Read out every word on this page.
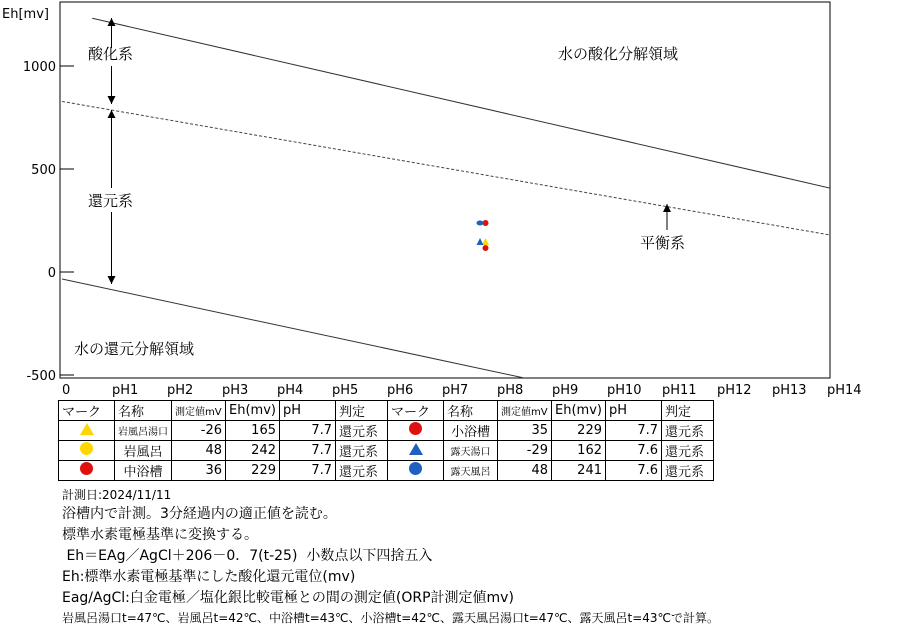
1000
500
0
-500
0	pH1 pH2 pH3 pH4 pH5 pH6 pH7 pH8 pH9 pH10 pH11 pH12 pH13 pH14
Eh[mv]
酸化系
還元系
水の酸化分解領域
水の還元分解領域
平衡系
マーク	名称	測定値mV	Eh(mv)	pH	判定	マーク	名称	測定値mV	Eh(mv)	pH	判定
	岩風呂湯口	-26	165	7.7	還元系		小浴槽	35	229	7.7	還元系
	岩風呂	48	242	7.7	還元系		露天湯口	-29	162	7.6	還元系
	中浴槽	36	229	7.7	還元系		露天風呂	48	241	7.6	還元系
計測日:2024/11/11
浴槽内で計測。3分経過内の適正値を読む。
標準水素電極基準に変換する。
Eh＝EAg／AgCl＋206－0．7(t-25)  小数点以下四捨五入
Eh:標準水素電極基準にした酸化還元電位(mv)
Eag/AgCl:白金電極／塩化銀比較電極との間の測定値(ORP計測定値mv)
岩風呂湯口t=47℃、岩風呂t=42℃、中浴槽t=43℃、小浴槽t=42℃、露天風呂湯口t=47℃、露天風呂t=43℃で計算。
